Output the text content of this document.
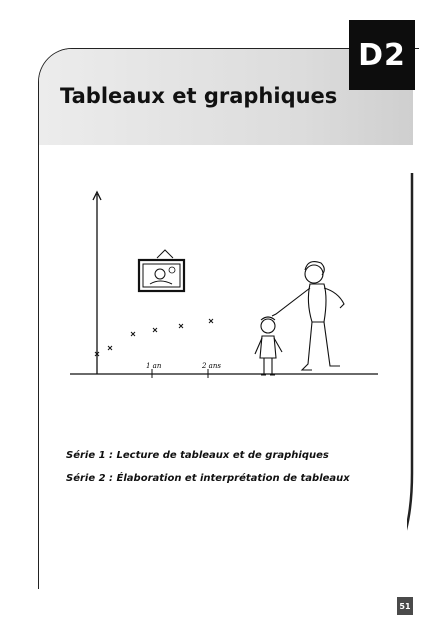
D2
Tableaux et graphiques
1 an	2 ans
Série 1 : Lecture de tableaux et de graphiques
Série 2 : Élaboration et interprétation de tableaux
51
